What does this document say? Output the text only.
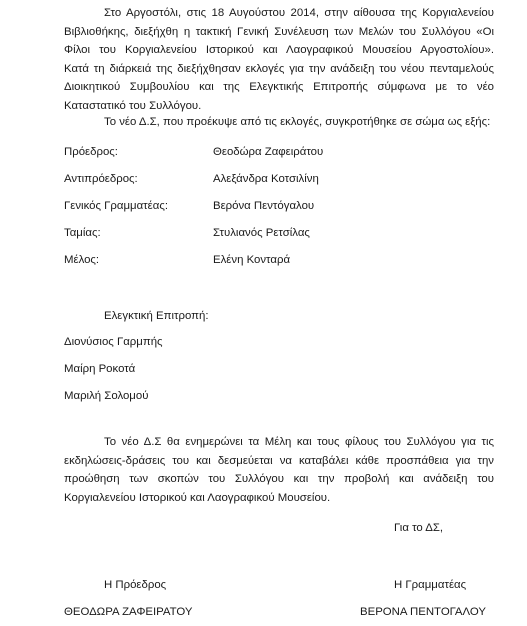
Στο Αργοστόλι, στις 18 Αυγούστου 2014, στην αίθουσα της Κοργιαλενείου
Βιβλιοθήκης, διεξήχθη η τακτική Γενική Συνέλευση των Μελών του Συλλόγου «Οι
Φίλοι του Κοργιαλενείου Ιστορικού και Λαογραφικού Μουσείου Αργοστολίου».
Κατά τη διάρκειά της διεξήχθησαν εκλογές για την ανάδειξη του νέου πενταμελούς
Διοικητικού Συμβουλίου και της Ελεγκτικής Επιτροπής σύμφωνα με το νέο
Καταστατικό του Συλλόγου.

Το νέο Δ.Σ, που προέκυψε από τις εκλογές, συγκροτήθηκε σε σώμα ως εξής:

Πρόεδρος:	Θεοδώρα Ζαφειράτου

Αντιπρόεδρος:	Αλεξάνδρα Κοτσιλίνη

Γενικός Γραμματέας:	Βερόνα Πεντόγαλου

Ταμίας:	Στυλιανός Ρετσίλας

Μέλος:	Ελένη Κονταρά

Ελεγκτική Επιτροπή:

Διονύσιος Γαρμπής

Μαίρη Ροκοτά

Μαριλή Σολομού

Το νέο Δ.Σ θα ενημερώνει τα Μέλη και τους φίλους του Συλλόγου για τις
εκδηλώσεις-δράσεις του και δεσμεύεται να καταβάλει κάθε προσπάθεια για την
προώθηση των σκοπών του Συλλόγου και την προβολή και ανάδειξη του
Κοργιαλενείου Ιστορικού και Λαογραφικού Μουσείου.

Για το ΔΣ,

Η Πρόεδρος	Η Γραμματέας

ΘΕΟΔΩΡΑ ΖΑΦΕΙΡΑΤΟΥ	ΒΕΡΟΝΑ ΠΕΝΤΟΓΑΛΟΥ
